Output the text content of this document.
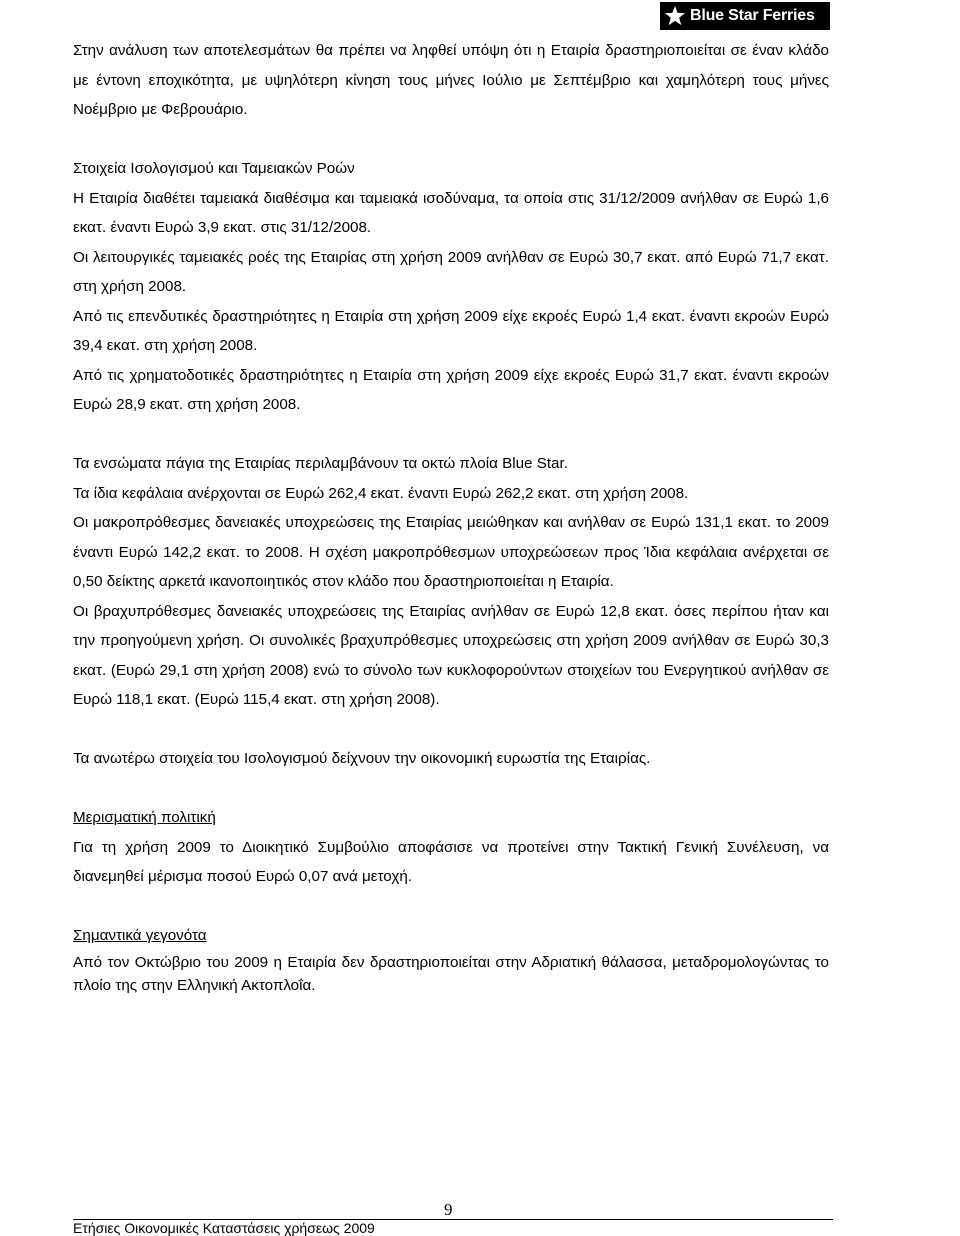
Blue Star Ferries

Στην ανάλυση των αποτελεσμάτων θα πρέπει να ληφθεί υπόψη ότι η Εταιρία δραστηριοποιείται σε έναν κλάδο με έντονη εποχικότητα, με υψηλότερη κίνηση τους μήνες Ιούλιο με Σεπτέμβριο και χαμηλότερη τους μήνες Νοέμβριο με Φεβρουάριο.

Στοιχεία Ισολογισμού και Ταμειακών Ροών

Η Εταιρία διαθέτει ταμειακά διαθέσιμα και ταμειακά ισοδύναμα, τα οποία στις 31/12/2009 ανήλθαν σε Ευρώ 1,6 εκατ. έναντι Ευρώ 3,9 εκατ. στις 31/12/2008.

Οι λειτουργικές ταμειακές ροές της Εταιρίας στη χρήση 2009 ανήλθαν σε Ευρώ 30,7 εκατ. από Ευρώ 71,7 εκατ. στη χρήση 2008.

Από τις επενδυτικές δραστηριότητες η Εταιρία στη χρήση 2009 είχε εκροές Ευρώ 1,4 εκατ. έναντι εκροών Ευρώ 39,4 εκατ. στη χρήση 2008.

Από τις χρηματοδοτικές δραστηριότητες η Εταιρία στη χρήση 2009 είχε εκροές Ευρώ 31,7 εκατ. έναντι εκροών Ευρώ 28,9 εκατ. στη χρήση 2008.

Τα ενσώματα πάγια της Εταιρίας περιλαμβάνουν τα οκτώ πλοία Blue Star.

Τα ίδια κεφάλαια ανέρχονται σε Ευρώ 262,4 εκατ. έναντι Ευρώ 262,2 εκατ. στη χρήση 2008.

Οι μακροπρόθεσμες δανειακές υποχρεώσεις της Εταιρίας μειώθηκαν και ανήλθαν σε Ευρώ 131,1 εκατ. το 2009 έναντι Ευρώ 142,2 εκατ. το 2008. Η σχέση μακροπρόθεσμων υποχρεώσεων προς Ίδια κεφάλαια ανέρχεται σε 0,50 δείκτης αρκετά ικανοποιητικός στον κλάδο που δραστηριοποιείται η Εταιρία.

Οι βραχυπρόθεσμες δανειακές υποχρεώσεις της Εταιρίας ανήλθαν σε Ευρώ 12,8 εκατ. όσες περίπου ήταν και την προηγούμενη χρήση. Οι συνολικές βραχυπρόθεσμες υποχρεώσεις στη χρήση 2009 ανήλθαν σε Ευρώ 30,3 εκατ. (Ευρώ 29,1 στη χρήση 2008) ενώ το σύνολο των κυκλοφορούντων στοιχείων του Ενεργητικού ανήλθαν σε Ευρώ 118,1 εκατ. (Ευρώ 115,4 εκατ. στη χρήση 2008).

Τα ανωτέρω στοιχεία του Ισολογισμού δείχνουν την οικονομική ευρωστία της Εταιρίας.

Μερισματική πολιτική

Για τη χρήση 2009 το Διοικητικό Συμβούλιο αποφάσισε να προτείνει στην Τακτική Γενική Συνέλευση, να διανεμηθεί μέρισμα ποσού Ευρώ 0,07 ανά μετοχή.

Σημαντικά γεγονότα

Από τον Οκτώβριο του 2009 η Εταιρία δεν δραστηριοποιείται στην Αδριατική θάλασσα, μεταδρομολογώντας το πλοίο της στην Ελληνική Ακτοπλοΐα.

9
Ετήσιες Οικονομικές Καταστάσεις χρήσεως 2009
